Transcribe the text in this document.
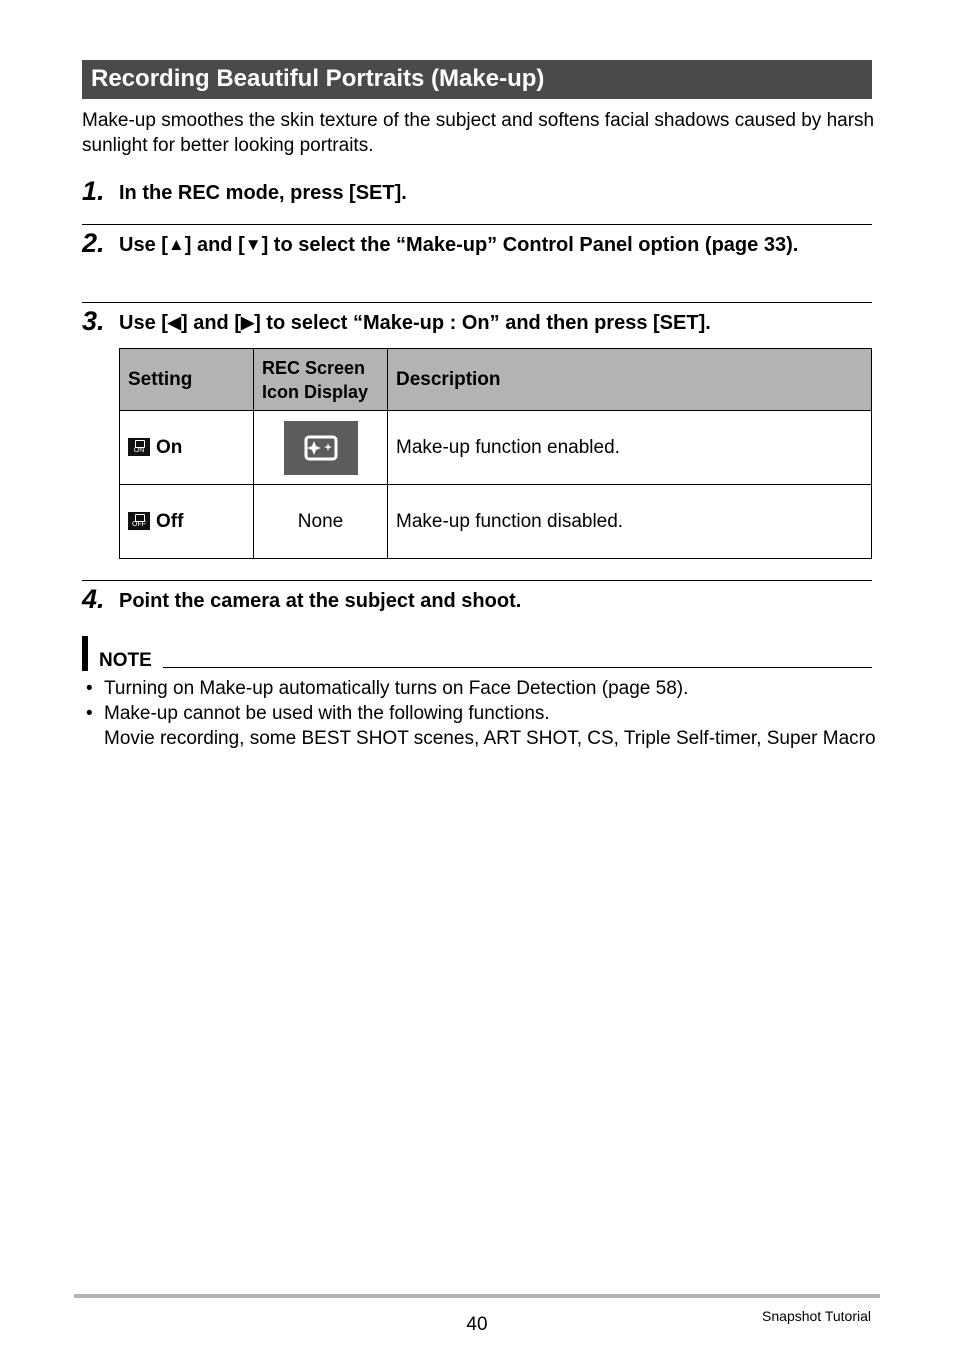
Recording Beautiful Portraits (Make-up)
Make-up smoothes the skin texture of the subject and softens facial shadows caused by harsh sunlight for better looking portraits.
1. In the REC mode, press [SET].
2. Use [▲] and [▼] to select the “Make-up” Control Panel option (page 33).
3. Use [◀] and [▶] to select “Make-up : On” and then press [SET].
Setting	REC Screen Icon Display	Description
ON On		Make-up function enabled.
OFF Off	None	Make-up function disabled.
4. Point the camera at the subject and shoot.
NOTE
• Turning on Make-up automatically turns on Face Detection (page 58).
• Make-up cannot be used with the following functions.
Movie recording, some BEST SHOT scenes, ART SHOT, CS, Triple Self-timer, Super Macro
40	Snapshot Tutorial
